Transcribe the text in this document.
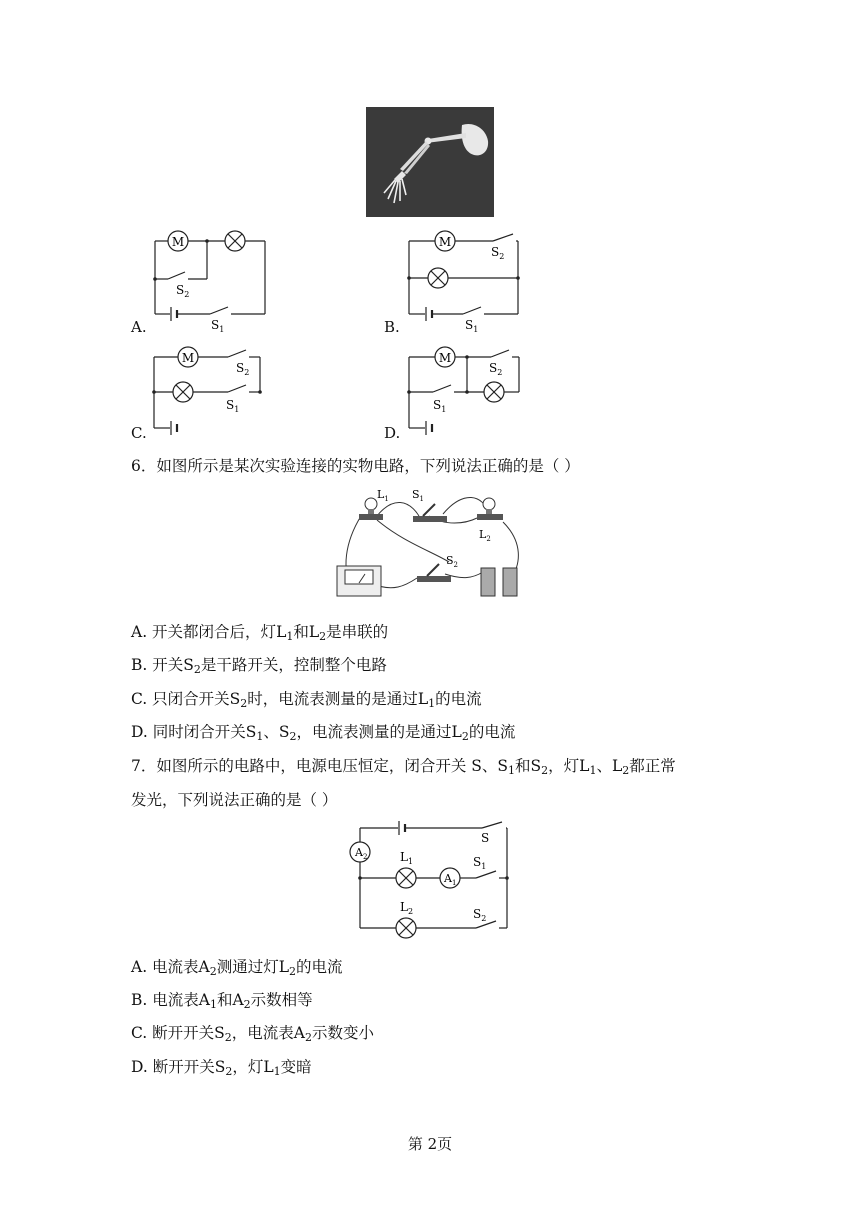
M
$S_2$
$S_1$
A.
M
$S_2$
$S_1$
B.
M
$S_2$
$S_1$
C.
M
$S_2$
$S_1$
D.
6．如图所示是某次实验连接的实物电路，下列说法正确的是（ ）
$L_1$ $S_1$
$L_2$
$S_2$
A. 开关都闭合后，灯$L_1$和$L_2$是串联的
B. 开关$S_2$是干路开关，控制整个电路
C. 只闭合开关$S_2$时，电流表测量的是通过$L_1$的电流
D. 同时闭合开关$S_1$、$S_2$，电流表测量的是通过$L_2$的电流
7．如图所示的电路中，电源电压恒定，闭合开关 S、$S_1$和$S_2$，灯$L_1$、$L_2$都正常
发光，下列说法正确的是（ ）
$A_2$
$A_1$
$L_1$
$L_2$
S
$S_1$
$S_2$
A. 电流表$A_2$测通过灯$L_2$的电流
B. 电流表$A_1$和$A_2$示数相等
C. 断开开关$S_2$，电流表$A_2$示数变小
D. 断开开关$S_2$，灯$L_1$变暗
第 2页
